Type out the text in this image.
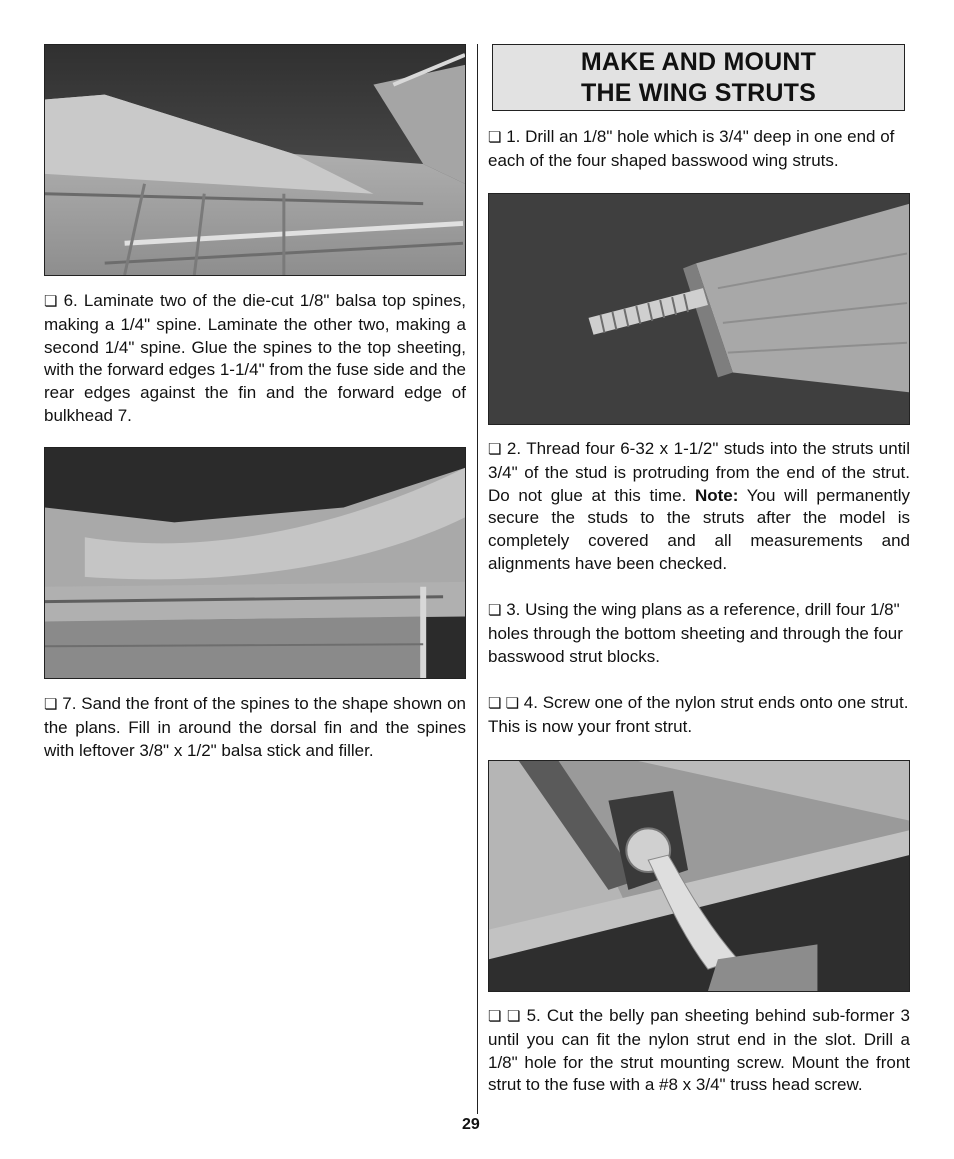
❏ 6. Laminate two of the die-cut 1/8" balsa top spines, making a 1/4" spine. Laminate the other two, making a second 1/4" spine. Glue the spines to the top sheeting, with the forward edges 1-1/4" from the fuse side and the rear edges against the fin and the forward edge of bulkhead 7.

❏ 7. Sand the front of the spines to the shape shown on the plans. Fill in around the dorsal fin and the spines with leftover 3/8" x 1/2" balsa stick and filler.

MAKE AND MOUNT
THE WING STRUTS

❏ 1. Drill an 1/8" hole which is 3/4" deep in one end of each of the four shaped basswood wing struts.

❏ 2. Thread four 6-32 x 1-1/2" studs into the struts until 3/4" of the stud is protruding from the end of the strut. Do not glue at this time. Note: You will permanently secure the studs to the struts after the model is completely covered and all measurements and alignments have been checked.

❏ 3. Using the wing plans as a reference, drill four 1/8" holes through the bottom sheeting and through the four basswood strut blocks.

❏ ❏ 4. Screw one of the nylon strut ends onto one strut. This is now your front strut.

❏ ❏ 5. Cut the belly pan sheeting behind sub-former 3 until you can fit the nylon strut end in the slot. Drill a 1/8" hole for the strut mounting screw. Mount the front strut to the fuse with a #8 x 3/4" truss head screw.

29
